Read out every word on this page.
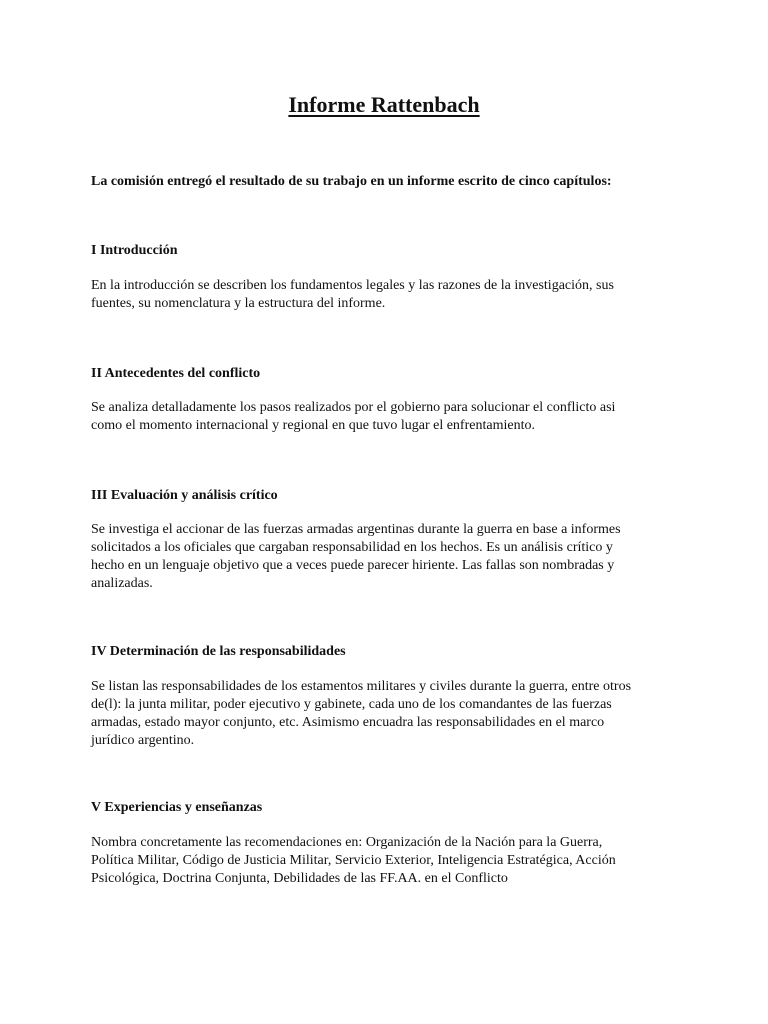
Informe Rattenbach
La comisión entregó el resultado de su trabajo en un informe escrito de cinco capítulos:
I Introducción
En la introducción se describen los fundamentos legales y las razones de la investigación, sus
fuentes, su nomenclatura y la estructura del informe.
II Antecedentes del conflicto
Se analiza detalladamente los pasos realizados por el gobierno para solucionar el conflicto asi
como el momento internacional y regional en que tuvo lugar el enfrentamiento.
III Evaluación y análisis crítico
Se investiga el accionar de las fuerzas armadas argentinas durante la guerra en base a informes
solicitados a los oficiales que cargaban responsabilidad en los hechos. Es un análisis crítico y
hecho en un lenguaje objetivo que a veces puede parecer hiriente. Las fallas son nombradas y
analizadas.
IV Determinación de las responsabilidades
Se listan las responsabilidades de los estamentos militares y civiles durante la guerra, entre otros
de(l): la junta militar, poder ejecutivo y gabinete, cada uno de los comandantes de las fuerzas
armadas, estado mayor conjunto, etc. Asimismo encuadra las responsabilidades en el marco
jurídico argentino.
V Experiencias y enseñanzas
Nombra concretamente las recomendaciones en: Organización de la Nación para la Guerra,
Política Militar, Código de Justicia Militar, Servicio Exterior, Inteligencia Estratégica, Acción
Psicológica, Doctrina Conjunta, Debilidades de las FF.AA. en el Conflicto
